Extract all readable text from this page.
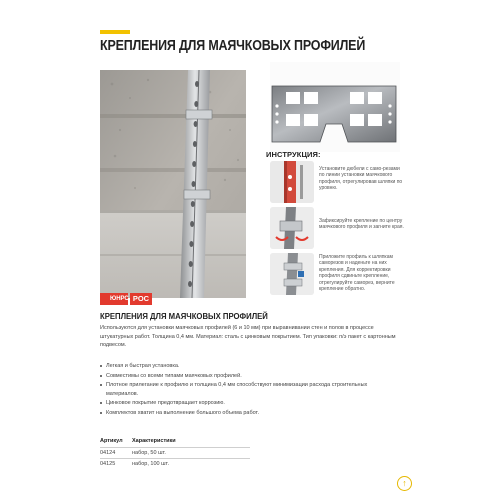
КРЕПЛЕНИЯ ДЛЯ МАЯЧКОВЫХ ПРОФИЛЕЙ
ИНСТРУКЦИЯ:
Установите дюбели с само-резами по линии установки маячкового профиля, отрегулировав шляпки по уровню.
Зафиксируйте крепление по центру маячкового профиля и загните края.
Приложите профиль к шляпкам саморезов и наденьте на них крепления. Для корректировки профиля сдвиньте крепление, отрегулируйте саморез, верните крепление обратно.
ЮНРС РОС
КРЕПЛЕНИЯ ДЛЯ МАЯЧКОВЫХ ПРОФИЛЕЙ

Используются для установки маячковых профилей (6 и 10 мм) при выравнивании стен и полов в процессе штукатурных работ. Толщина 0,4 мм. Материал: сталь с цинковым покрытием. Тип упаковки: п/э пакет с картонным подвесом.

Легкая и быстрая установка.
Совместимы со всеми типами маячковых профилей.
Плотное прилегание к профилю и толщина 0,4 мм способствуют минимизации расхода строительных материалов.
Цинковое покрытие предотвращает коррозию.
Комплектов хватит на выполнение большого объема работ.
Артикул	Характеристики
04124	набор, 50 шт.
04125	набор, 100 шт.
↑
